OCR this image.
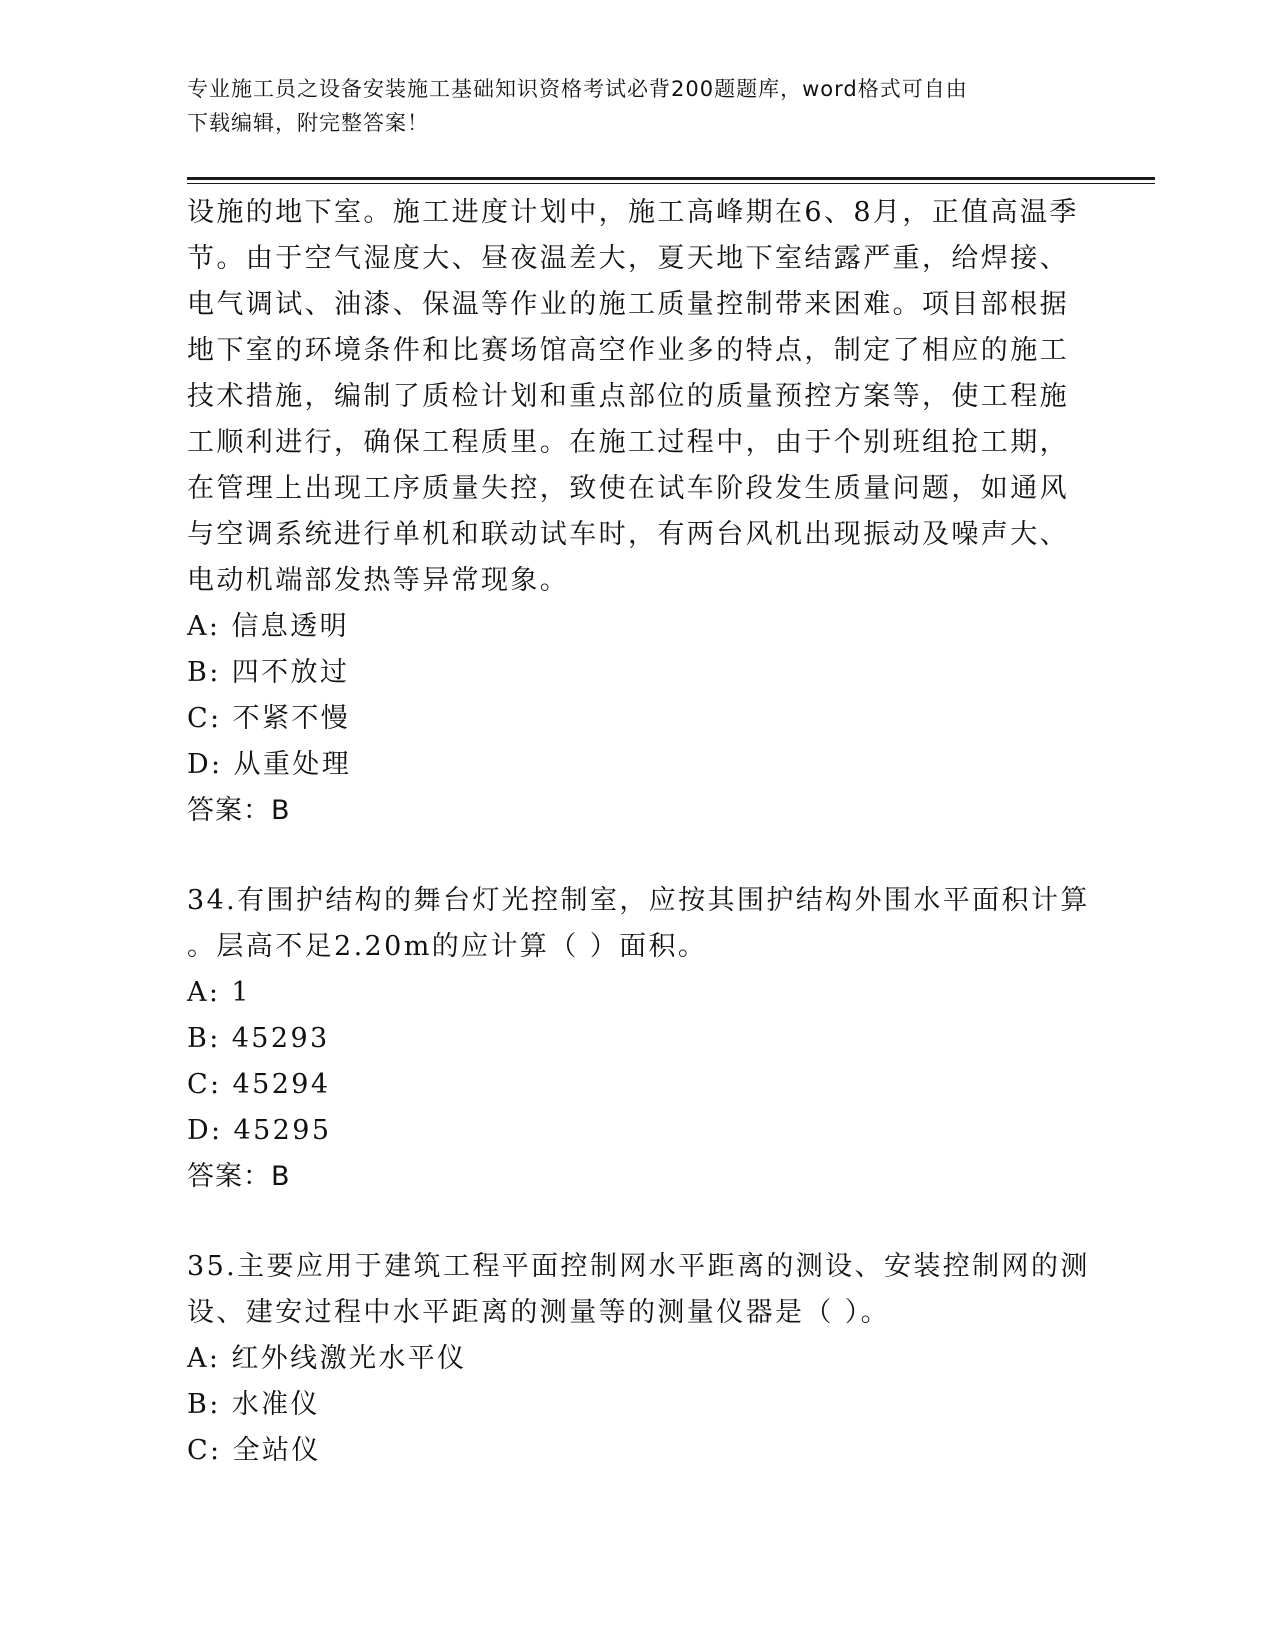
专业施工员之设备安装施工基础知识资格考试必背200题题库，word格式可自由
下载编辑，附完整答案！
设施的地下室。施工进度计划中，施工高峰期在6、8月，正值高温季
节。由于空气湿度大、昼夜温差大，夏天地下室结露严重，给焊接、
电气调试、油漆、保温等作业的施工质量控制带来困难。项目部根据
地下室的环境条件和比赛场馆高空作业多的特点，制定了相应的施工
技术措施，编制了质检计划和重点部位的质量预控方案等，使工程施
工顺利进行，确保工程质里。在施工过程中，由于个别班组抢工期，
在管理上出现工序质量失控，致使在试车阶段发生质量问题，如通风
与空调系统进行单机和联动试车时，有两台风机出现振动及噪声大、
电动机端部发热等异常现象。
A: 信息透明
B: 四不放过
C: 不紧不慢
D: 从重处理
答案：B
34.有围护结构的舞台灯光控制室，应按其围护结构外围水平面积计算
。层高不足2.20m的应计算（ ）面积。
A: 1
B: 45293
C: 45294
D: 45295
答案：B
35.主要应用于建筑工程平面控制网水平距离的测设、安装控制网的测
设、建安过程中水平距离的测量等的测量仪器是（ ）。
A: 红外线激光水平仪
B: 水准仪
C: 全站仪
